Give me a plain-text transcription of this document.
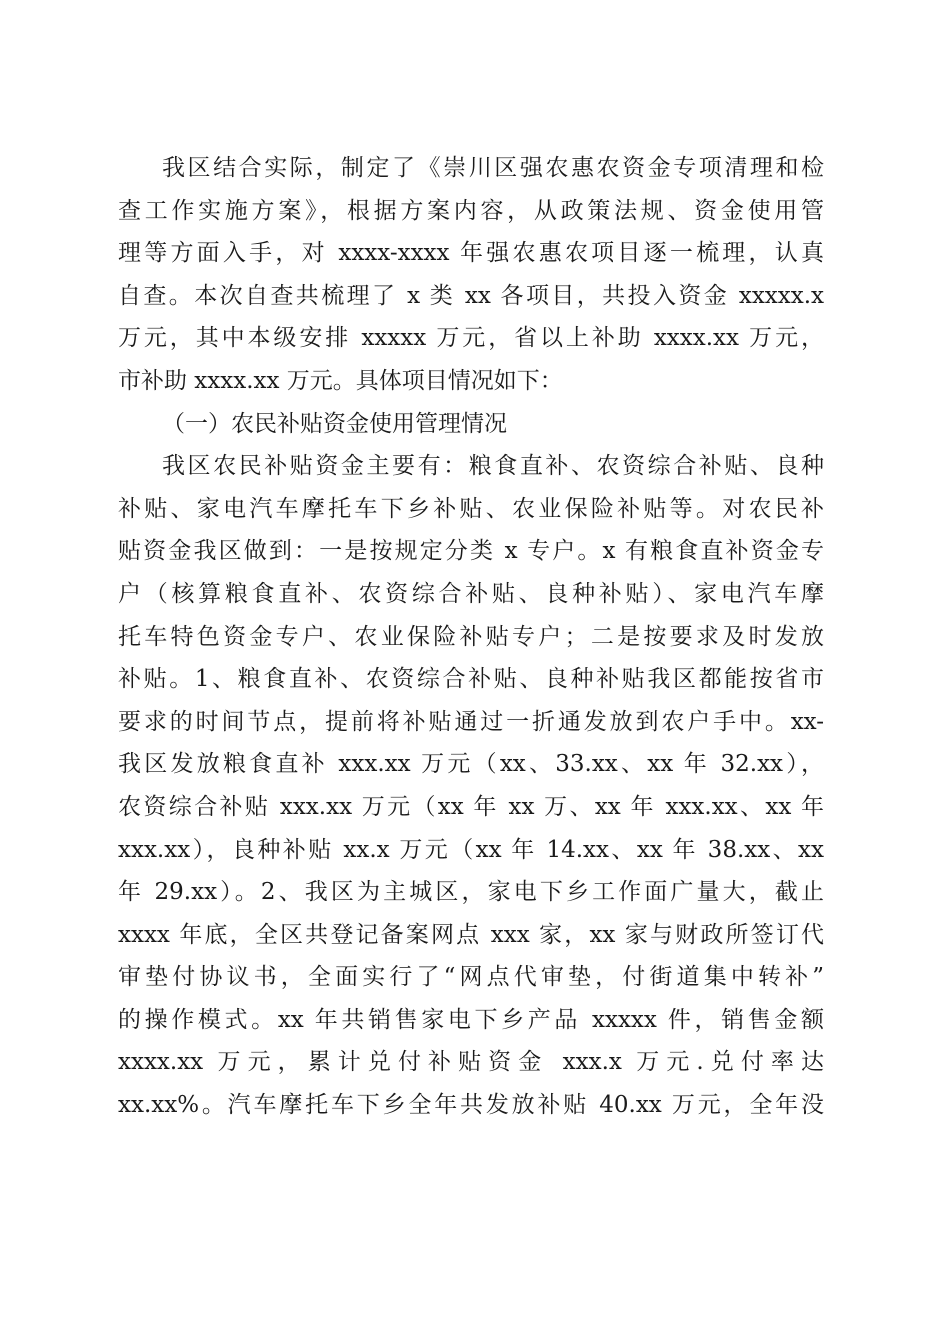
我区结合实际，制定了《崇川区强农惠农资金专项清理和检
查工作实施方案》，根据方案内容，从政策法规、资金使用管
理等方面入手，对 xxxx-xxxx 年强农惠农项目逐一梳理，认真
自查。本次自查共梳理了 x 类 xx 各项目，共投入资金 xxxxx.x
万元，其中本级安排 xxxxx 万元，省以上补助 xxxx.xx 万元，
市补助 xxxx.xx 万元。具体项目情况如下：
（一）农民补贴资金使用管理情况
我区农民补贴资金主要有：粮食直补、农资综合补贴、良种
补贴、家电汽车摩托车下乡补贴、农业保险补贴等。对农民补
贴资金我区做到：一是按规定分类 x 专户。x 有粮食直补资金专
户（核算粮食直补、农资综合补贴、良种补贴）、家电汽车摩
托车特色资金专户、农业保险补贴专户；二是按要求及时发放
补贴。1、粮食直补、农资综合补贴、良种补贴我区都能按省市
要求的时间节点，提前将补贴通过一折通发放到农户手中。xx-
我区发放粮食直补 xxx.xx 万元（xx、33.xx、xx 年 32.xx），
农资综合补贴 xxx.xx 万元（xx 年 xx 万、xx 年 xxx.xx、xx 年
xxx.xx），良种补贴 xx.x 万元（xx 年 14.xx、xx 年 38.xx、xx
年 29.xx）。2、我区为主城区，家电下乡工作面广量大，截止
xxxx 年底，全区共登记备案网点 xxx 家，xx 家与财政所签订代
审垫付协议书，全面实行了“网点代审垫，付街道集中转补”
的操作模式。xx 年共销售家电下乡产品 xxxxx 件，销售金额
xxxx.xx 万元，累计兑付补贴资金 xxx.x 万元.兑付率达
xx.xx%。汽车摩托车下乡全年共发放补贴 40.xx 万元，全年没
